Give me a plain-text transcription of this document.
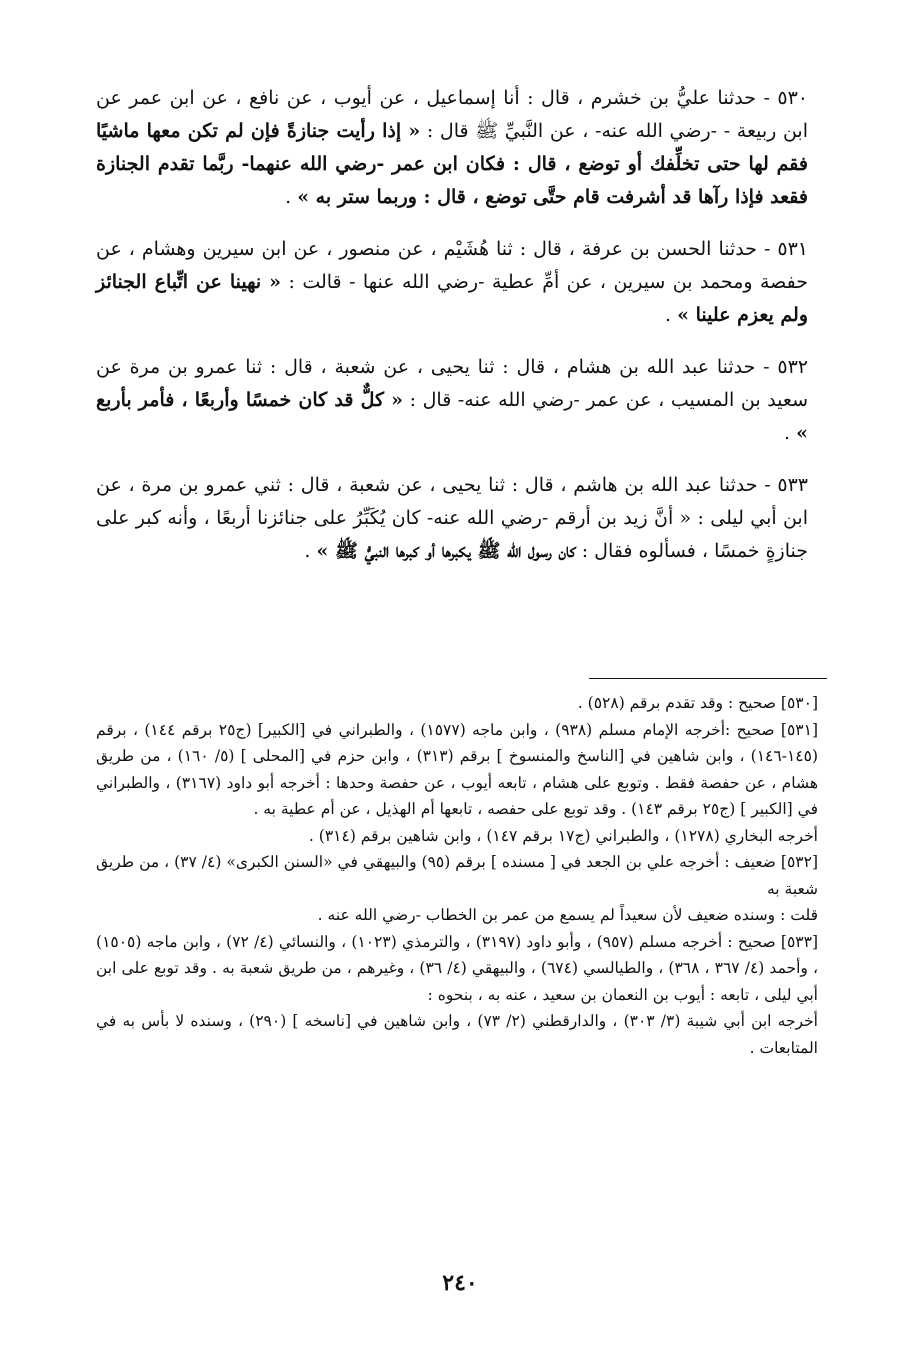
٥٣٠ - حدثنا عليُّ بن خشرم ، قال : أنا إسماعيل ، عن أيوب ، عن نافع ، عن ابن عمر عن ابن ربيعة - -رضي الله عنه- ، عن النَّبيِّ ﷺ قال : « إذا رأيت جنازةً فإن لم تكن معها ماشيًا فقم لها حتى تخلِّفك أو توضع ، قال : فكان ابن عمر -رضي الله عنهما- ربَّما تقدم الجنازة فقعد فإذا رآها قد أشرفت قام حتَّى توضع ، قال : وربما ستر به » .

٥٣١ - حدثنا الحسن بن عرفة ، قال : ثنا هُشَيْم ، عن منصور ، عن ابن سيرين وهشام ، عن حفصة ومحمد بن سيرين ، عن أمِّ عطية -رضي الله عنها - قالت : « نهينا عن اتِّباع الجنائز ولم يعزم علينا » .

٥٣٢ - حدثنا عبد الله بن هشام ، قال : ثنا يحيى ، عن شعبة ، قال : ثنا عمرو بن مرة عن سعيد بن المسيب ، عن عمر -رضي الله عنه- قال : « كلٌّ قد كان خمسًا وأربعًا ، فأمر بأربع » .

٥٣٣ - حدثنا عبد الله بن هاشم ، قال : ثنا يحيى ، عن شعبة ، قال : ثني عمرو بن مرة ، عن ابن أبي ليلى : « أنَّ زيد بن أرقم -رضي الله عنه- كان يُكَبِّرُ على جنائزنا أربعًا ، وأنه كبر على جنازةٍ خمسًا ، فسألوه فقال : كان رسول الله ﷺ يكبرها أو كبرها النبيُّ ﷺ » .

[٥٣٠] صحيح : وقد تقدم برقم (٥٢٨) .

[٥٣١] صحيح :أخرجه الإمام مسلم (٩٣٨) ، وابن ماجه (١٥٧٧) ، والطبراني في [الكبير] (ج٢٥ برقم ١٤٤) ، برقم (١٤٥-١٤٦) ، وابن شاهين في [الناسخ والمنسوخ ] برقم (٣١٣) ، وابن حزم في [المحلى ] (٥/ ١٦٠) ، من طريق هشام ، عن حفصة فقط . وتوبع على هشام ، تابعه أيوب ، عن حفصة وحدها : أخرجه أبو داود (٣١٦٧) ، والطبراني في [الكبير ] (ج٢٥ برقم ١٤٣) . وقد توبع على حفصه ، تابعها أم الهذيل ، عن أم عطية به .

أخرجه البخاري (١٢٧٨) ، والطبراني (ج١٧ برقم ١٤٧) ، وابن شاهين برقم (٣١٤) .

[٥٣٢] ضعيف : أخرجه علي بن الجعد في [ مسنده ] برقم (٩٥) والبيهقي في «السنن الكبرى» (٤/ ٣٧) ، من طريق شعبة به

قلت : وسنده ضعيف لأن سعيداً لم يسمع من عمر بن الخطاب -رضي الله عنه .

[٥٣٣] صحيح : أخرجه مسلم (٩٥٧) ، وأبو داود (٣١٩٧) ، والترمذي (١٠٢٣) ، والنسائي (٤/ ٧٢) ، وابن ماجه (١٥٠٥) ، وأحمد (٤/ ٣٦٧ ، ٣٦٨) ، والطيالسي (٦٧٤) ، والبيهقي (٤/ ٣٦) ، وغيرهم ، من طريق شعبة به . وقد توبع على ابن أبي ليلى ، تابعه : أيوب بن النعمان بن سعيد ، عنه به ، بنحوه :

أخرجه ابن أبي شيبة (٣/ ٣٠٣) ، والدارقطني (٢/ ٧٣) ، وابن شاهين في [ناسخه ] (٢٩٠) ، وسنده لا بأس به في المتابعات .

٢٤٠
